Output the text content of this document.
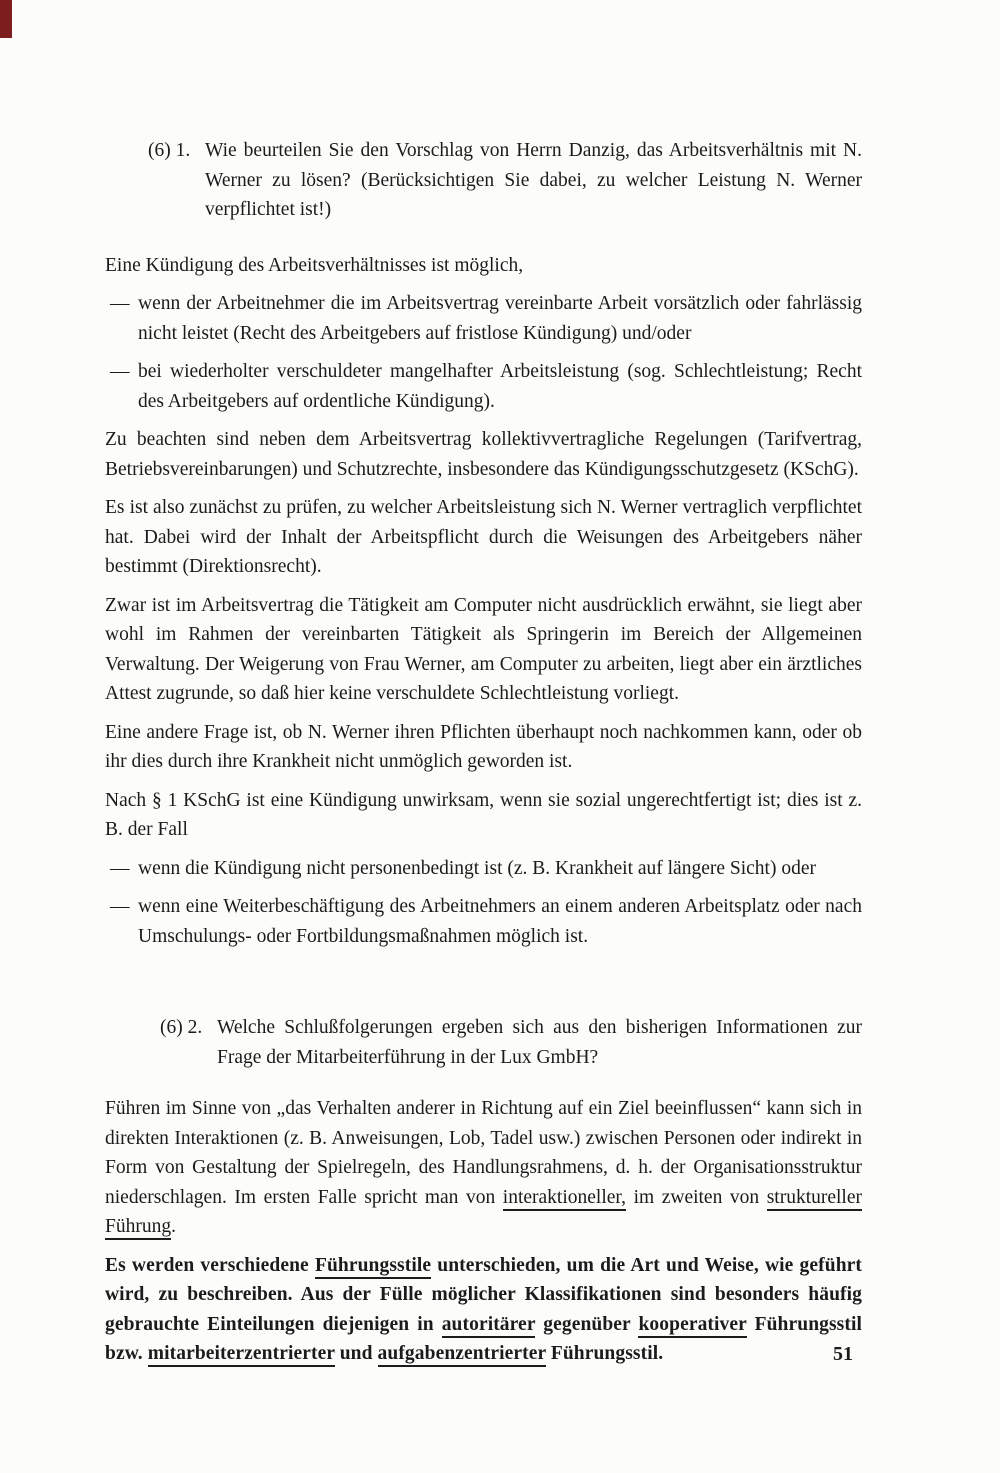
(6) 1. Wie beurteilen Sie den Vorschlag von Herrn Danzig, das Arbeitsverhältnis mit N. Werner zu lösen? (Berücksichtigen Sie dabei, zu welcher Leistung N. Werner verpflichtet ist!)

Eine Kündigung des Arbeitsverhältnisses ist möglich,

— wenn der Arbeitnehmer die im Arbeitsvertrag vereinbarte Arbeit vorsätzlich oder fahrlässig nicht leistet (Recht des Arbeitgebers auf fristlose Kündigung) und/oder
— bei wiederholter verschuldeter mangelhafter Arbeitsleistung (sog. Schlechtleistung; Recht des Arbeitgebers auf ordentliche Kündigung).

Zu beachten sind neben dem Arbeitsvertrag kollektivvertragliche Regelungen (Tarifvertrag, Betriebsvereinbarungen) und Schutzrechte, insbesondere das Kündigungsschutzgesetz (KSchG).

Es ist also zunächst zu prüfen, zu welcher Arbeitsleistung sich N. Werner vertraglich verpflichtet hat. Dabei wird der Inhalt der Arbeitspflicht durch die Weisungen des Arbeitgebers näher bestimmt (Direktionsrecht).

Zwar ist im Arbeitsvertrag die Tätigkeit am Computer nicht ausdrücklich erwähnt, sie liegt aber wohl im Rahmen der vereinbarten Tätigkeit als Springerin im Bereich der Allgemeinen Verwaltung. Der Weigerung von Frau Werner, am Computer zu arbeiten, liegt aber ein ärztliches Attest zugrunde, so daß hier keine verschuldete Schlechtleistung vorliegt.

Eine andere Frage ist, ob N. Werner ihren Pflichten überhaupt noch nachkommen kann, oder ob ihr dies durch ihre Krankheit nicht unmöglich geworden ist.

Nach § 1 KSchG ist eine Kündigung unwirksam, wenn sie sozial ungerechtfertigt ist; dies ist z. B. der Fall

— wenn die Kündigung nicht personenbedingt ist (z. B. Krankheit auf längere Sicht) oder
— wenn eine Weiterbeschäftigung des Arbeitnehmers an einem anderen Arbeitsplatz oder nach Umschulungs- oder Fortbildungsmaßnahmen möglich ist.
(6) 2. Welche Schlußfolgerungen ergeben sich aus den bisherigen Informationen zur Frage der Mitarbeiterführung in der Lux GmbH?

Führen im Sinne von „das Verhalten anderer in Richtung auf ein Ziel beeinflussen“ kann sich in direkten Interaktionen (z. B. Anweisungen, Lob, Tadel usw.) zwischen Personen oder indirekt in Form von Gestaltung der Spielregeln, des Handlungsrahmens, d. h. der Organisationsstruktur niederschlagen. Im ersten Falle spricht man von interaktioneller, im zweiten von struktureller Führung.

Es werden verschiedene Führungsstile unterschieden, um die Art und Weise, wie geführt wird, zu beschreiben. Aus der Fülle möglicher Klassifikationen sind besonders häufig gebrauchte Einteilungen diejenigen in autoritärer gegenüber kooperativer Führungsstil bzw. mitarbeiterzentrierter und aufgabenzentrierter Führungsstil.	51
